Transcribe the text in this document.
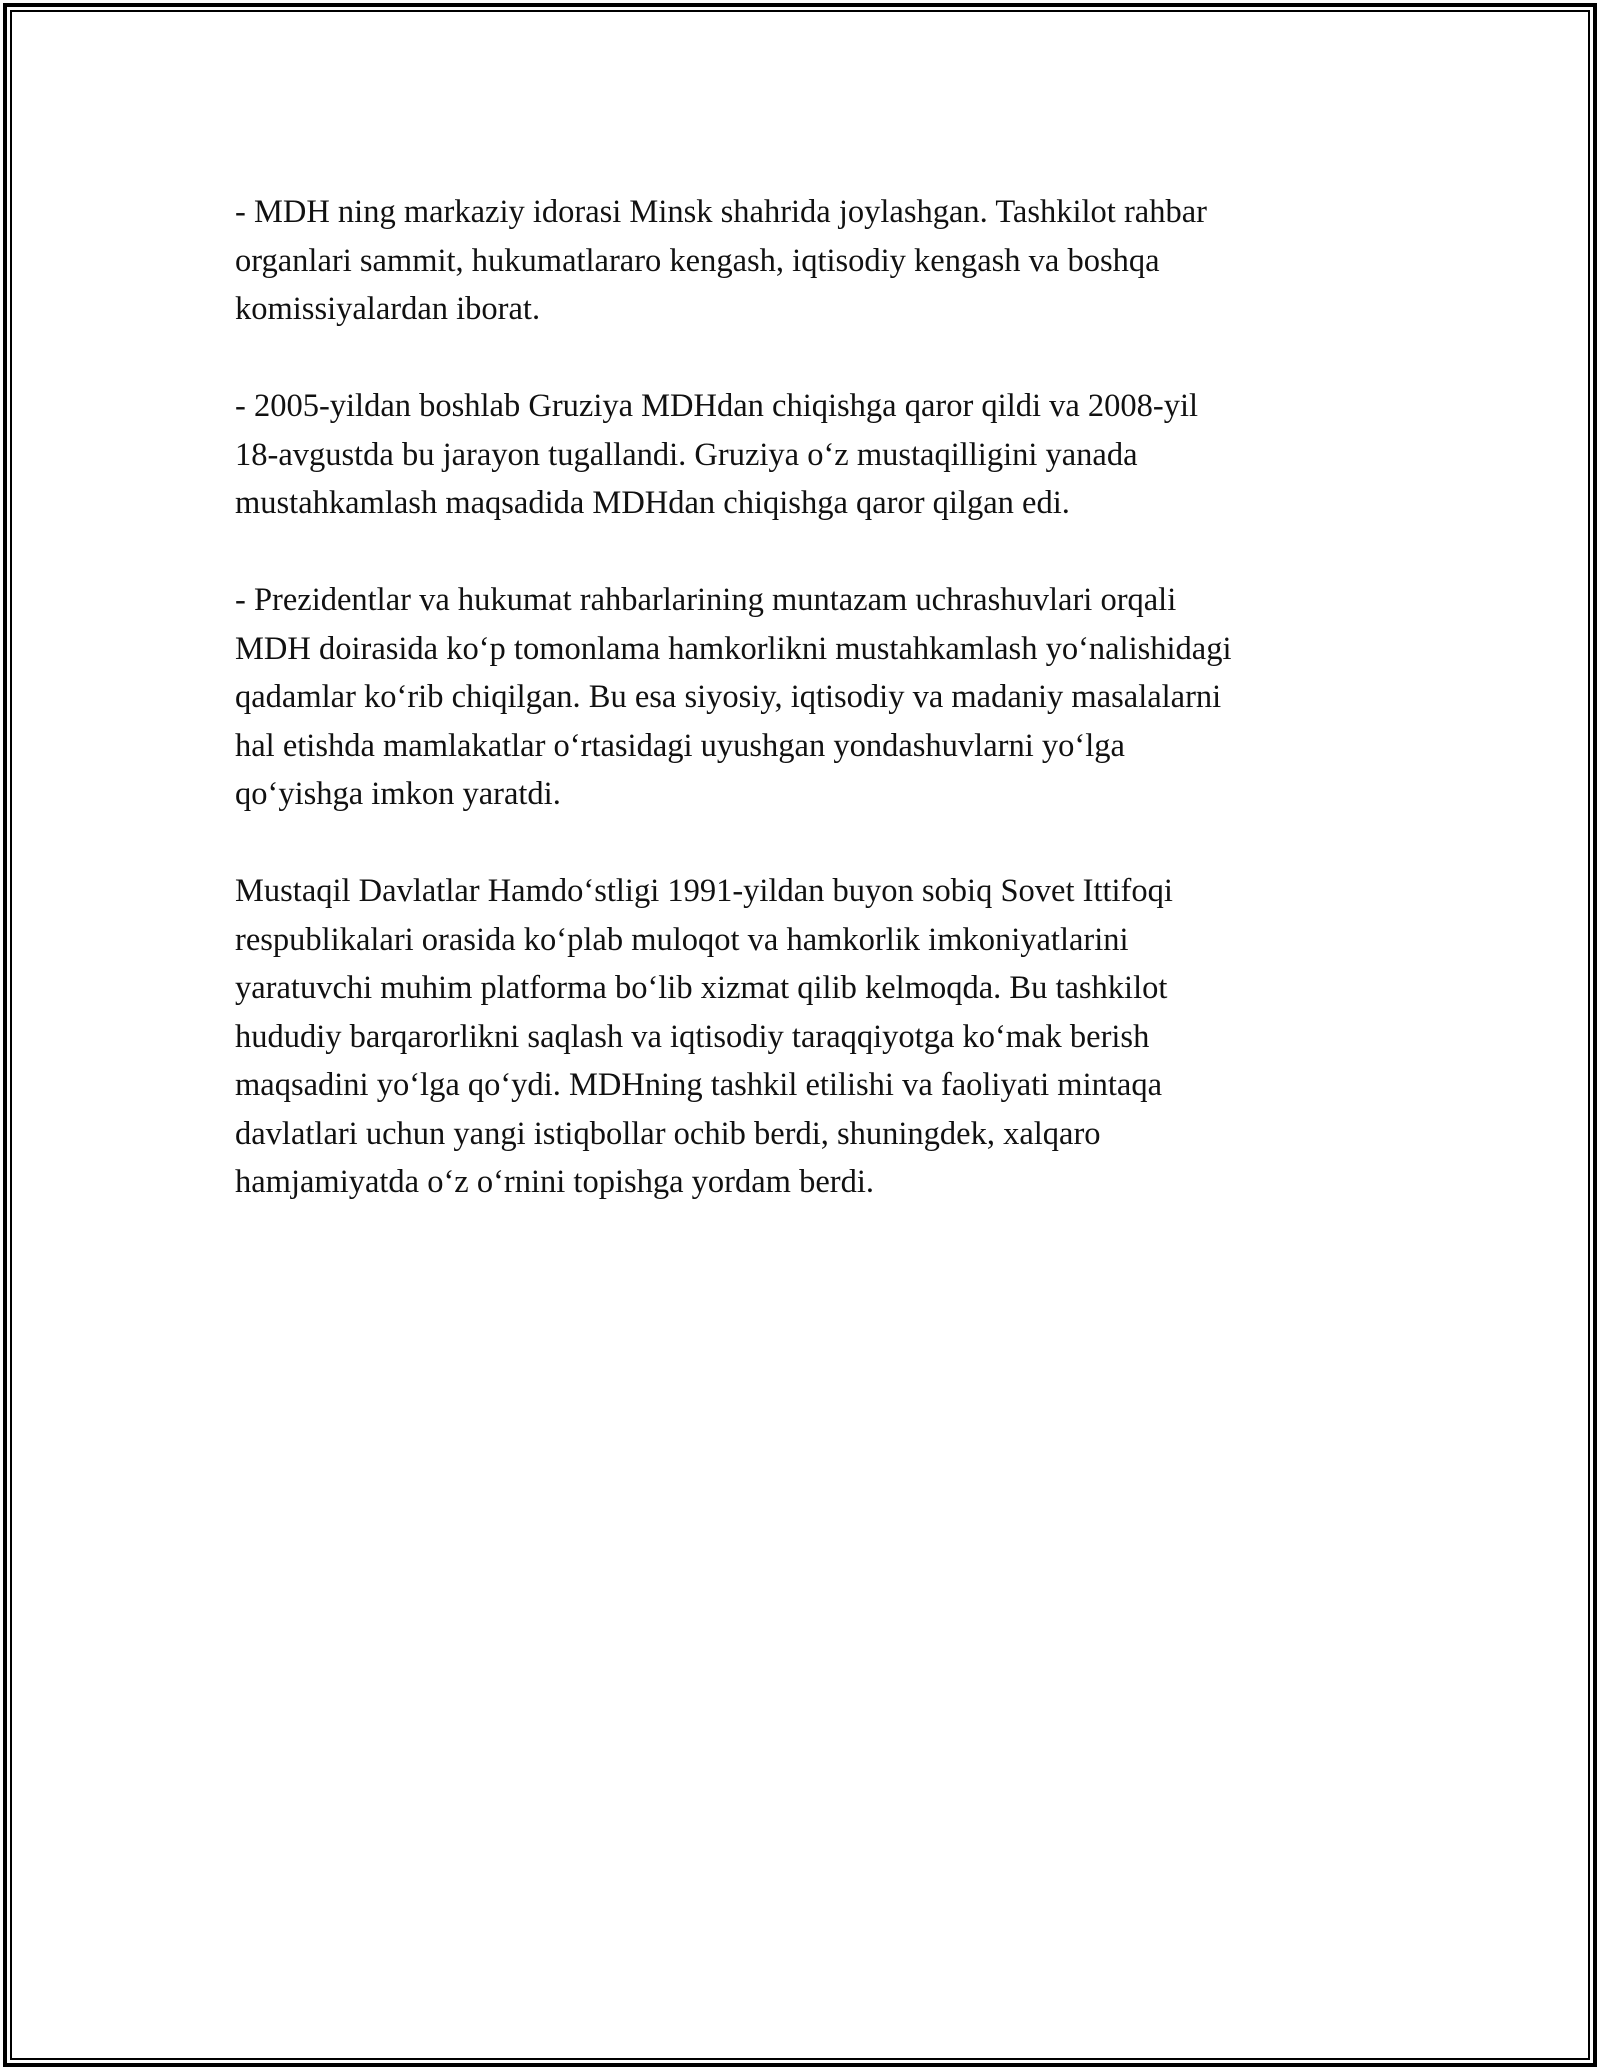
- MDH ning markaziy idorasi Minsk shahrida joylashgan. Tashkilot rahbar
organlari sammit, hukumatlararo kengash, iqtisodiy kengash va boshqa
komissiyalardan iborat.

- 2005-yildan boshlab Gruziya MDHdan chiqishga qaror qildi va 2008-yil
18-avgustda bu jarayon tugallandi. Gruziya o‘z mustaqilligini yanada
mustahkamlash maqsadida MDHdan chiqishga qaror qilgan edi.

- Prezidentlar va hukumat rahbarlarining muntazam uchrashuvlari orqali
MDH doirasida ko‘p tomonlama hamkorlikni mustahkamlash yo‘nalishidagi
qadamlar ko‘rib chiqilgan. Bu esa siyosiy, iqtisodiy va madaniy masalalarni
hal etishda mamlakatlar o‘rtasidagi uyushgan yondashuvlarni yo‘lga
qo‘yishga imkon yaratdi.

Mustaqil Davlatlar Hamdo‘stligi 1991-yildan buyon sobiq Sovet Ittifoqi
respublikalari orasida ko‘plab muloqot va hamkorlik imkoniyatlarini
yaratuvchi muhim platforma bo‘lib xizmat qilib kelmoqda. Bu tashkilot
hududiy barqarorlikni saqlash va iqtisodiy taraqqiyotga ko‘mak berish
maqsadini yo‘lga qo‘ydi. MDHning tashkil etilishi va faoliyati mintaqa
davlatlari uchun yangi istiqbollar ochib berdi, shuningdek, xalqaro
hamjamiyatda o‘z o‘rnini topishga yordam berdi.
